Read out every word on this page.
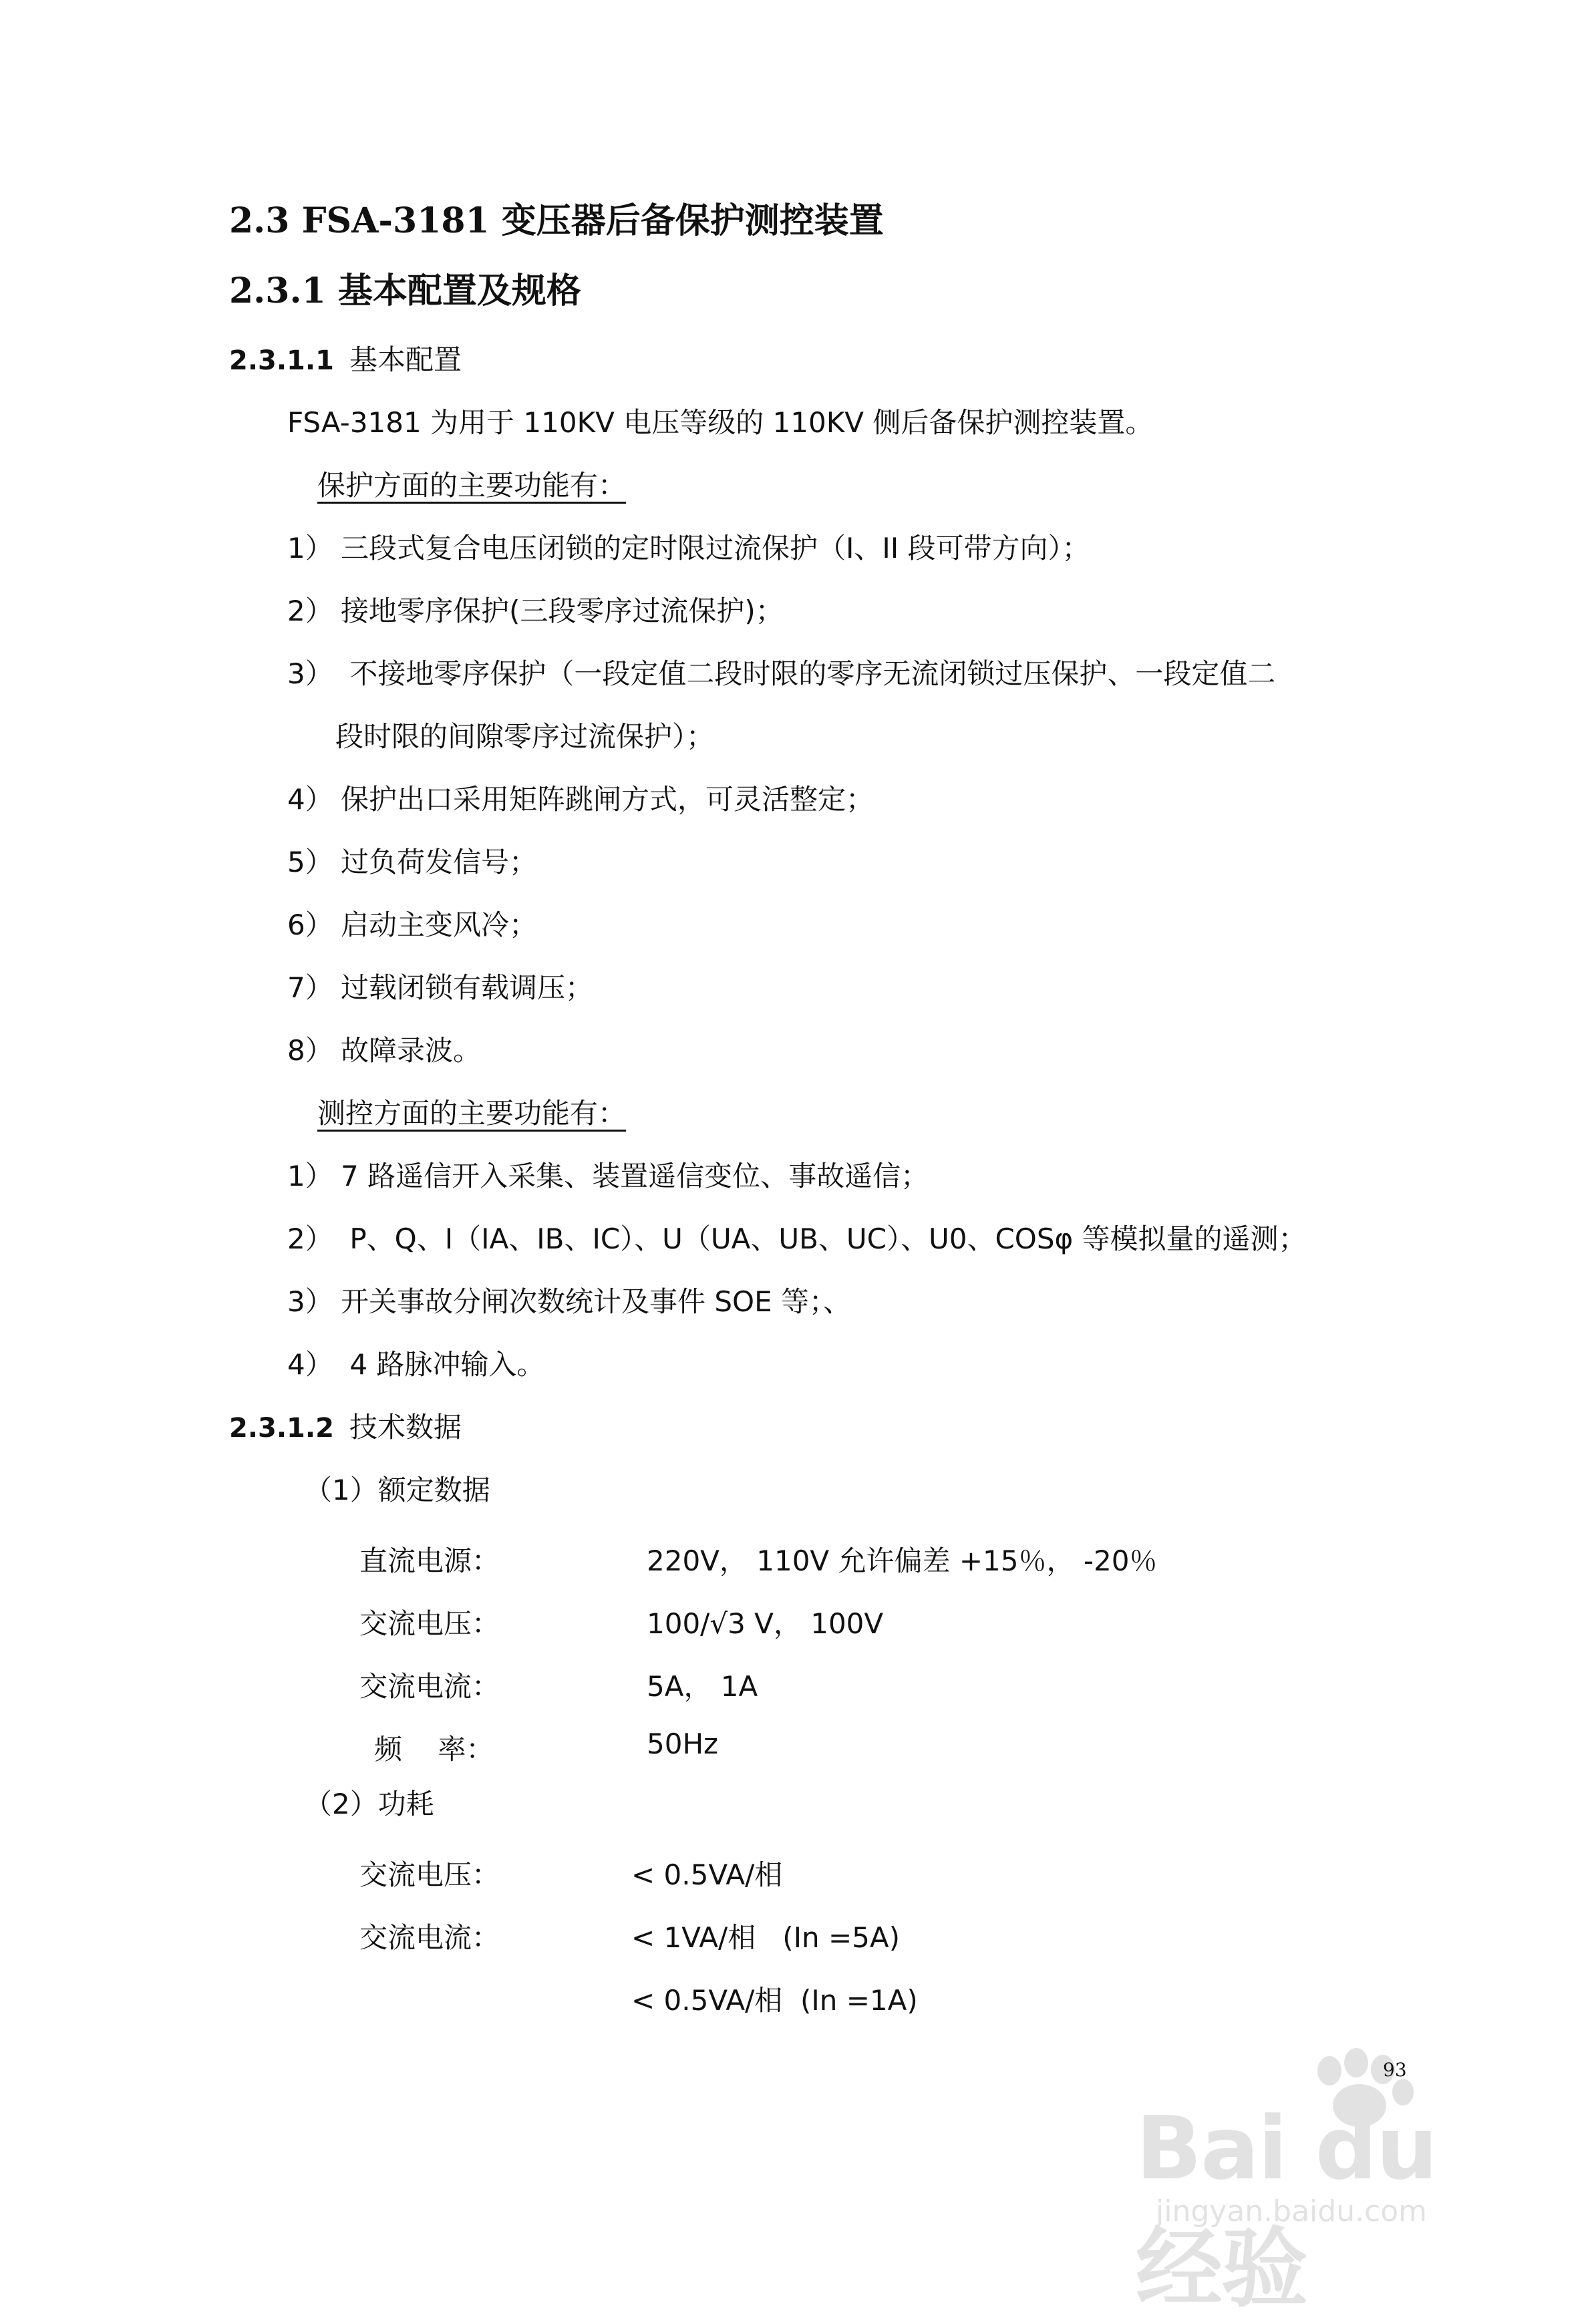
2.3 FSA-3181 变压器后备保护测控装置
2.3.1 基本配置及规格
2.3.1.1 基本配置
FSA-3181 为用于 110KV 电压等级的 110KV 侧后备保护测控装置。
保护方面的主要功能有：
1） 三段式复合电压闭锁的定时限过流保护（I、II 段可带方向）；
2） 接地零序保护(三段零序过流保护)；
3） 不接地零序保护（一段定值二段时限的零序无流闭锁过压保护、一段定值二
段时限的间隙零序过流保护）；
4） 保护出口采用矩阵跳闸方式，可灵活整定；
5） 过负荷发信号；
6） 启动主变风冷；
7） 过载闭锁有载调压；
8） 故障录波。
测控方面的主要功能有：
1） 7 路遥信开入采集、装置遥信变位、事故遥信；
2） P、Q、I（IA、IB、IC）、U（UA、UB、UC）、U0、COSφ 等模拟量的遥测；
3） 开关事故分闸次数统计及事件 SOE 等；、
4） 4 路脉冲输入。
2.3.1.2 技术数据
（1）额定数据
直流电源：	220V， 110V 允许偏差 +15％， -20％
交流电压：	100/√3 V， 100V
交流电流：	5A， 1A
频    率：	50Hz
（2）功耗
交流电压：	< 0.5VA/相
交流电流：	< 1VA/相   (In =5A)
< 0.5VA/相  (In =1A)
Bai du 经验
jingyan.baidu.com
93
